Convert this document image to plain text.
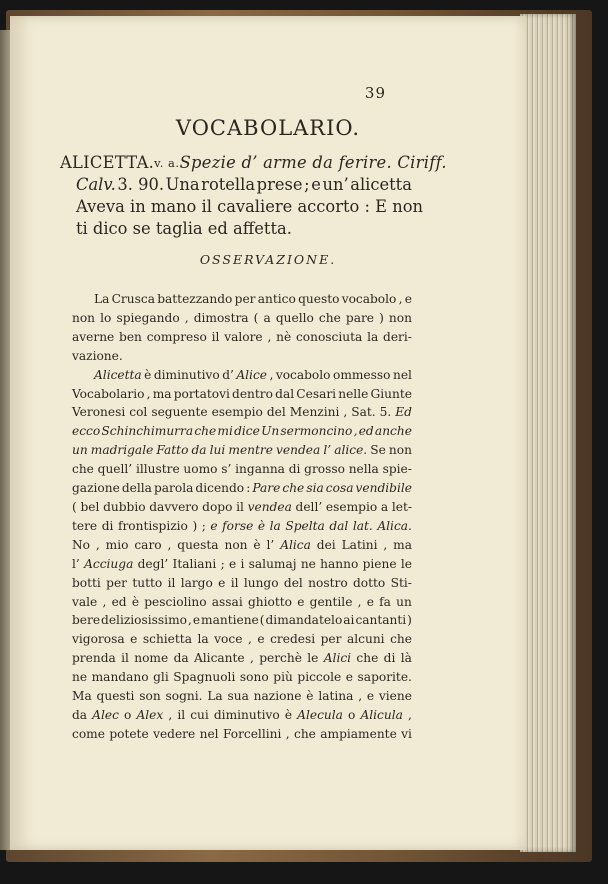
39
VOCABOLARIO.
ALICETTA. v. a. Spezie d’ arme da ferire. Ciriff.
Calv. 3. 90. Una rotella prese ; e un’ alicetta
Aveva in mano il cavaliere accorto : E non
ti dico se taglia ed affetta.
OSSERVAZIONE.
La Crusca battezzando per antico questo vocabolo , e
non lo spiegando , dimostra ( a quello che pare ) non
averne ben compreso il valore , nè conosciuta la deri-
vazione.
Alicetta è diminutivo d’ Alice , vocabolo ommesso nel
Vocabolario , ma portatovi dentro dal Cesari nelle Giunte
Veronesi col seguente esempio del Menzini , Sat. 5. Ed
ecco Schinchimurra che mi dice Un sermoncino , ed anche
un madrigale Fatto da lui mentre vendea l’ alice. Se non
che quell’ illustre uomo s’ inganna di grosso nella spie-
gazione della parola dicendo : Pare che sia cosa vendibile
( bel dubbio davvero dopo il vendea dell’ esempio a let-
tere di frontispizio ) ; e forse è la Spelta dal lat. Alica.
No , mio caro , questa non è l’ Alica dei Latini , ma
l’ Acciuga degl’ Italiani ; e i salumaj ne hanno piene le
botti per tutto il largo e il lungo del nostro dotto Sti-
vale , ed è pesciolino assai ghiotto e gentile , e fa un
bere deliziosissimo , e mantiene ( dimandatelo ai cantanti )
vigorosa e schietta la voce , e credesi per alcuni che
prenda il nome da Alicante , perchè le Alici che di là
ne mandano gli Spagnuoli sono più piccole e saporite.
Ma questi son sogni. La sua nazione è latina , e viene
da Alec o Alex , il cui diminutivo è Alecula o Alicula ,
come potete vedere nel Forcellini , che ampiamente vi
